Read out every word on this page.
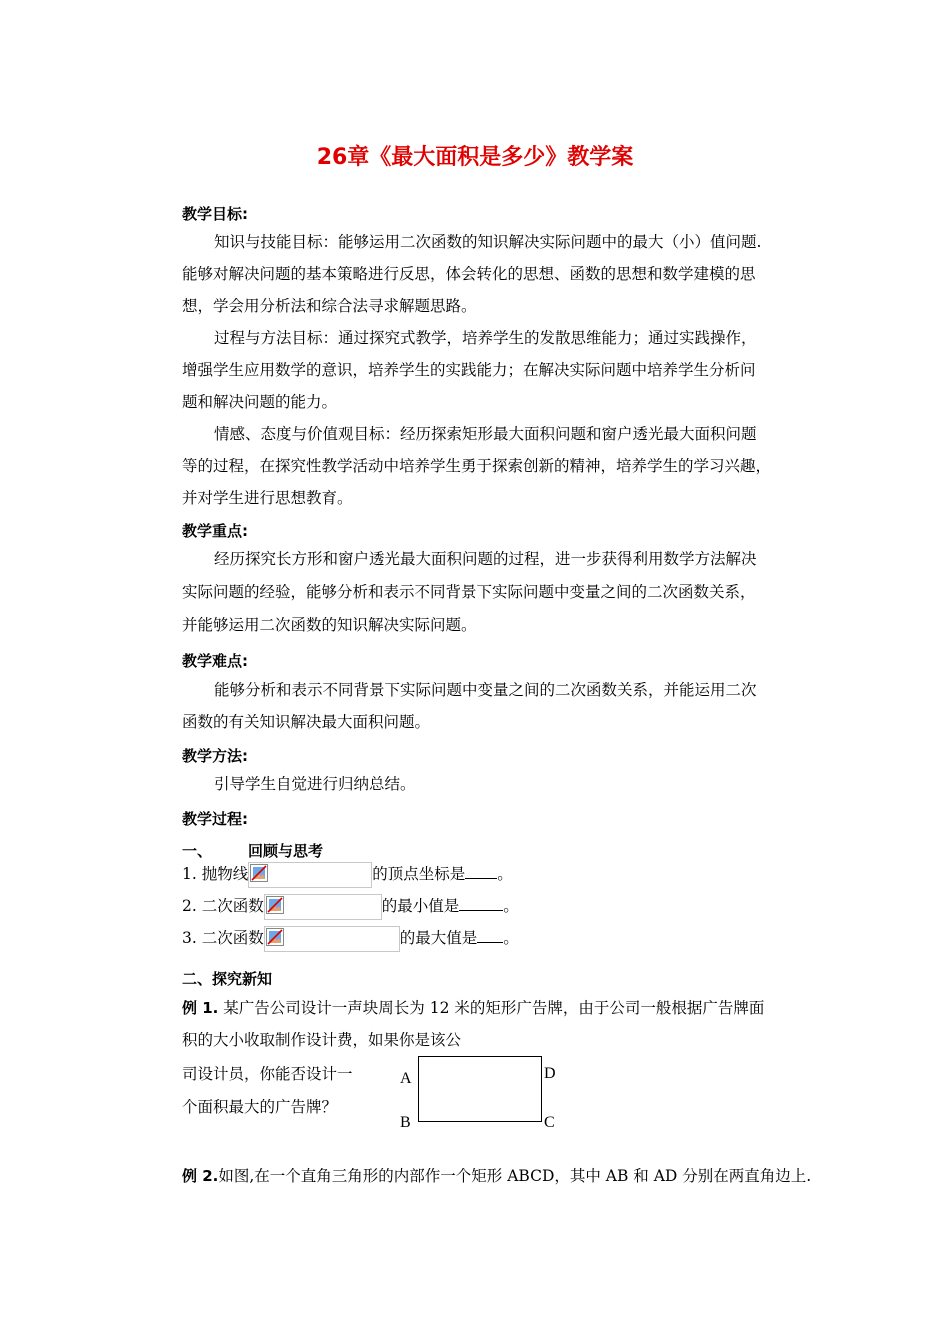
26章《最大面积是多少》教学案
教学目标:
知识与技能目标：能够运用二次函数的知识解决实际问题中的最大（小）值问题.
能够对解决问题的基本策略进行反思，体会转化的思想、函数的思想和数学建模的思
想，学会用分析法和综合法寻求解题思路。
过程与方法目标：通过探究式教学，培养学生的发散思维能力；通过实践操作，
增强学生应用数学的意识，培养学生的实践能力；在解决实际问题中培养学生分析问
题和解决问题的能力。
情感、态度与价值观目标：经历探索矩形最大面积问题和窗户透光最大面积问题
等的过程，在探究性教学活动中培养学生勇于探索创新的精神，培养学生的学习兴趣，
并对学生进行思想教育。
教学重点:
经历探究长方形和窗户透光最大面积问题的过程，进一步获得利用数学方法解决
实际问题的经验，能够分析和表示不同背景下实际问题中变量之间的二次函数关系，
并能够运用二次函数的知识解决实际问题。
教学难点:
能够分析和表示不同背景下实际问题中变量之间的二次函数关系，并能运用二次
函数的有关知识解决最大面积问题。
教学方法:
引导学生自觉进行归纳总结。
教学过程:
一、 回顾与思考
1. 抛物线	的顶点坐标是 。
2. 二次函数	的最小值是	。
3. 二次函数	的最大值是 。
二、探究新知
例 1. 某广告公司设计一声块周长为 12 米的矩形广告牌，由于公司一般根据广告牌面
积的大小收取制作设计费，如果你是该公
司设计员，你能否设计一
个面积最大的广告牌？
A	D
B	C
例 2.如图,在一个直角三角形的内部作一个矩形 ABCD，其中 AB 和 AD 分别在两直角边上.
